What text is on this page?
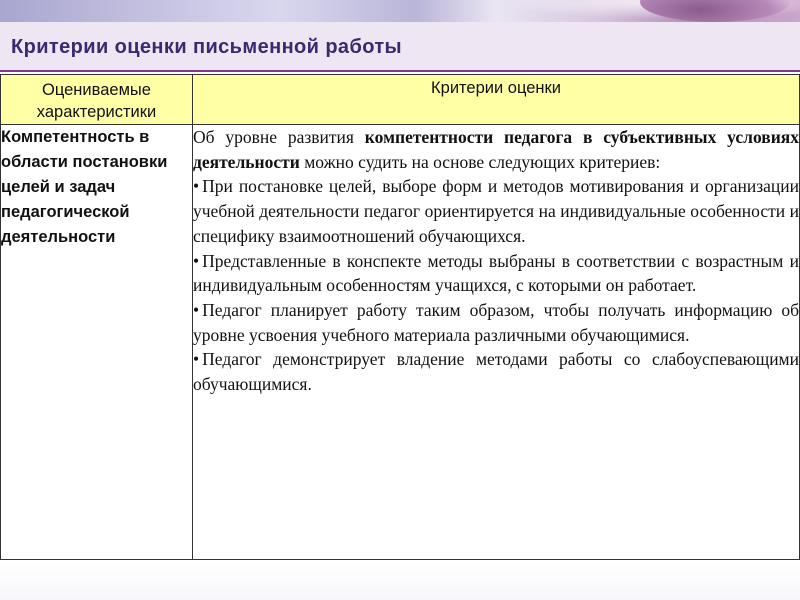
Критерии оценки письменной работы
Оцениваемые характеристики	Критерии оценки

Компетентность в области постановки целей и задач педагогической деятельности	Об уровне развития компетентности педагога в субъективных условиях деятельности можно судить на основе следующих критериев:

• При постановке целей, выборе форм и методов мотивирования и организации учебной деятельности педагог ориентируется на индивидуальные особенности и специфику взаимоотношений обучающихся.

• Представленные в конспекте методы выбраны в соответствии с возрастным и индивидуальным особенностям учащихся, с которыми он работает.

• Педагог планирует работу таким образом, чтобы получать информацию об уровне усвоения учебного материала различными обучающимися.

• Педагог демонстрирует владение методами работы со слабоуспевающими обучающимися.
